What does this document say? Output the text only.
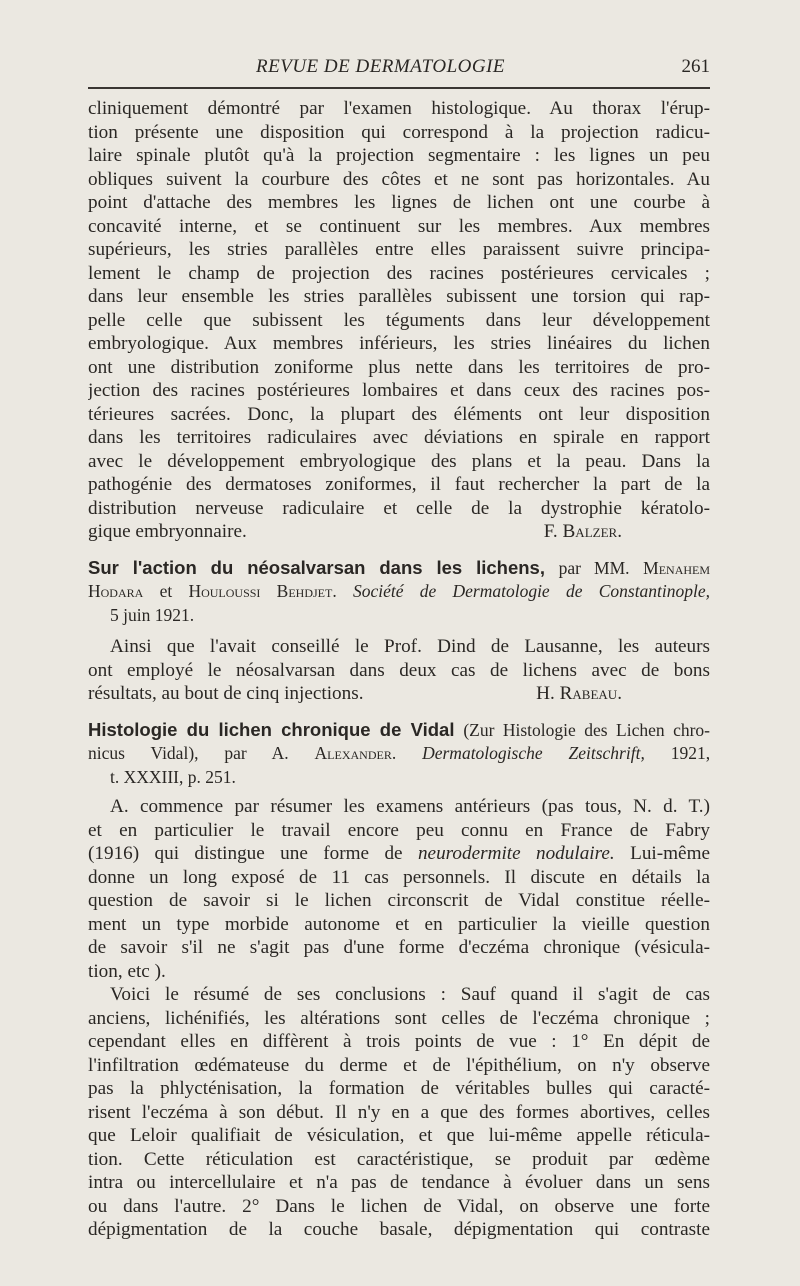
REVUE DE DERMATOLOGIE	261
cliniquement démontré par l'examen histologique. Au thorax l'érup-
tion présente une disposition qui correspond à la projection radicu-
laire spinale plutôt qu'à la projection segmentaire : les lignes un peu
obliques suivent la courbure des côtes et ne sont pas horizontales. Au
point d'attache des membres les lignes de lichen ont une courbe à
concavité interne, et se continuent sur les membres. Aux membres
supérieurs, les stries parallèles entre elles paraissent suivre principa-
lement le champ de projection des racines postérieures cervicales ;
dans leur ensemble les stries parallèles subissent une torsion qui rap-
pelle celle que subissent les téguments dans leur développement
embryologique. Aux membres inférieurs, les stries linéaires du lichen
ont une distribution zoniforme plus nette dans les territoires de pro-
jection des racines postérieures lombaires et dans ceux des racines pos-
térieures sacrées. Donc, la plupart des éléments ont leur disposition
dans les territoires radiculaires avec déviations en spirale en rapport
avec le développement embryologique des plans et la peau. Dans la
pathogénie des dermatoses zoniformes, il faut rechercher la part de la
distribution nerveuse radiculaire et celle de la dystrophie kératolo-
gique embryonnaire.	F. Balzer.
Sur l'action du néosalvarsan dans les lichens, par MM. Menahem
Hodara et Houloussi Behdjet. Société de Dermatologie de Constantinople,
5 juin 1921.
Ainsi que l'avait conseillé le Prof. Dind de Lausanne, les auteurs
ont employé le néosalvarsan dans deux cas de lichens avec de bons
résultats, au bout de cinq injections.	H. Rabeau.
Histologie du lichen chronique de Vidal (Zur Histologie des Lichen chro-
nicus Vidal), par A. Alexander. Dermatologische Zeitschrift, 1921,
t. XXXIII, p. 251.
A. commence par résumer les examens antérieurs (pas tous, N. d. T.)
et en particulier le travail encore peu connu en France de Fabry
(1916) qui distingue une forme de neurodermite nodulaire. Lui-même
donne un long exposé de 11 cas personnels. Il discute en détails la
question de savoir si le lichen circonscrit de Vidal constitue réelle-
ment un type morbide autonome et en particulier la vieille question
de savoir s'il ne s'agit pas d'une forme d'eczéma chronique (vésicula-
tion, etc ).
Voici le résumé de ses conclusions : Sauf quand il s'agit de cas
anciens, lichénifiés, les altérations sont celles de l'eczéma chronique ;
cependant elles en diffèrent à trois points de vue : 1° En dépit de
l'infiltration œdémateuse du derme et de l'épithélium, on n'y observe
pas la phlycténisation, la formation de véritables bulles qui caracté-
risent l'eczéma à son début. Il n'y en a que des formes abortives, celles
que Leloir qualifiait de vésiculation, et que lui-même appelle réticula-
tion. Cette réticulation est caractéristique, se produit par œdème
intra ou intercellulaire et n'a pas de tendance à évoluer dans un sens
ou dans l'autre. 2° Dans le lichen de Vidal, on observe une forte
dépigmentation de la couche basale, dépigmentation qui contraste
